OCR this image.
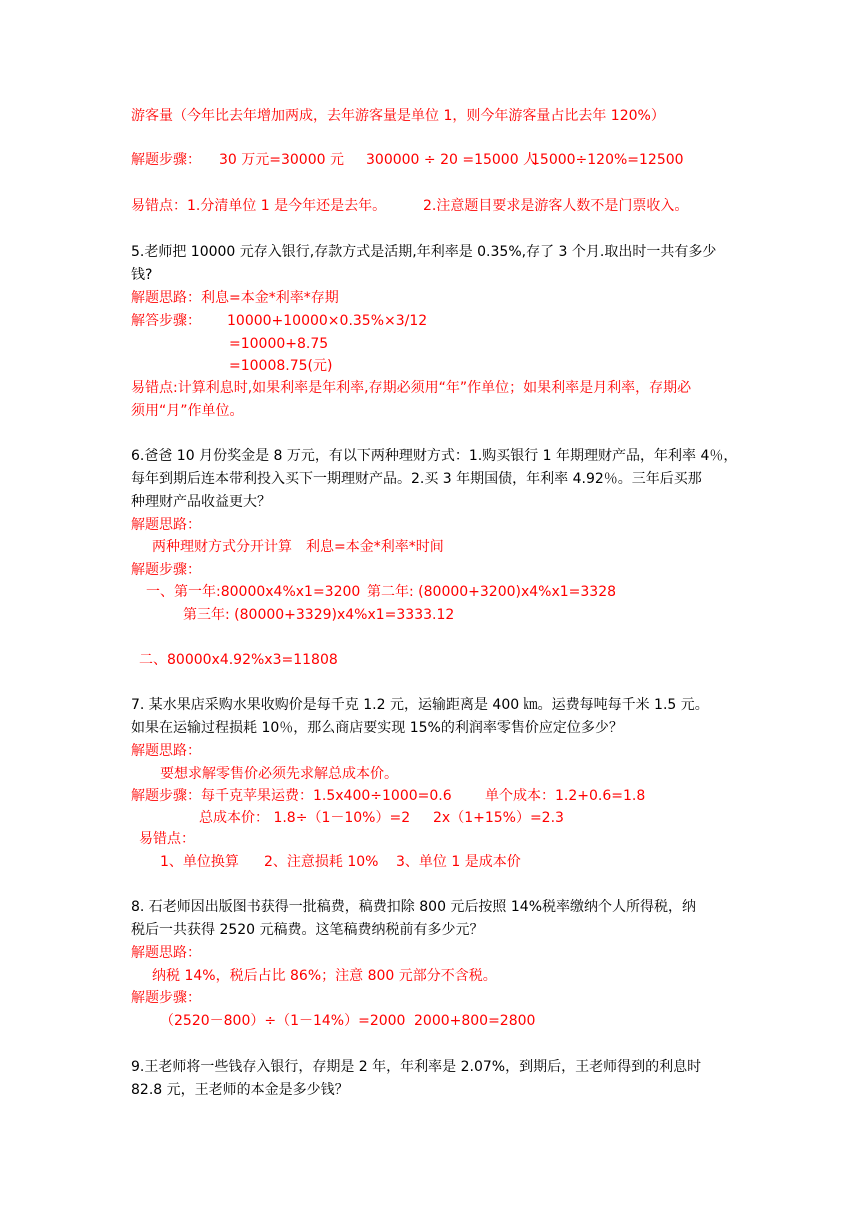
游客量（今年比去年增加两成，去年游客量是单位 1，则今年游客量占比去年 120%）
解题步骤： 30 万元=30000 元 300000 ÷ 20 =15000 人
15000÷120%=12500
易错点：1.分清单位 1 是今年还是去年。	2.注意题目要求是游客人数不是门票收入。
5.老师把 10000 元存入银行,存款方式是活期,年利率是 0.35%,存了 3 个月.取出时一共有多少
钱?
解题思路：利息=本金*利率*存期
解答步骤： 10000+10000×0.35%×3/12
=10000+8.75
=10008.75(元)
易错点:计算利息时,如果利率是年利率,存期必须用“年”作单位；如果利率是月利率，存期必
须用“月”作单位。
6.爸爸 10 月份奖金是 8 万元，有以下两种理财方式：1.购买银行 1 年期理财产品，年利率 4％，
每年到期后连本带利投入买下一期理财产品。2.买 3 年期国债，年利率 4.92％。三年后买那
种理财产品收益更大？
解题思路：
两种理财方式分开计算　利息=本金*利率*时间
解题步骤：
一、第一年:80000x4%x1=3200 第二年: (80000+3200)x4%x1=3328
第三年: (80000+3329)x4%x1=3333.12
二、80000x4.92%x3=11808
7. 某水果店采购水果收购价是每千克 1.2 元，运输距离是 400 ㎞。运费每吨每千米 1.5 元。
如果在运输过程损耗 10％，那么商店要实现 15%的利润率零售价应定位多少？
解题思路：
要想求解零售价必须先求解总成本价。
解题步骤：每千克苹果运费：1.5x400÷1000=0.6 单个成本：1.2+0.6=1.8
总成本价： 1.8÷（1－10%）=2 2x（1+15%）=2.3
易错点：
1、单位换算 2、注意损耗 10% 3、单位 1 是成本价
8. 石老师因出版图书获得一批稿费，稿费扣除 800 元后按照 14%税率缴纳个人所得税，纳
税后一共获得 2520 元稿费。这笔稿费纳税前有多少元？
解题思路：
纳税 14%，税后占比 86%；注意 800 元部分不含税。
解题步骤：
（2520－800）÷（1－14%）=2000 2000+800=2800
9.王老师将一些钱存入银行，存期是 2 年，年利率是 2.07%，到期后，王老师得到的利息时
82.8 元，王老师的本金是多少钱？
